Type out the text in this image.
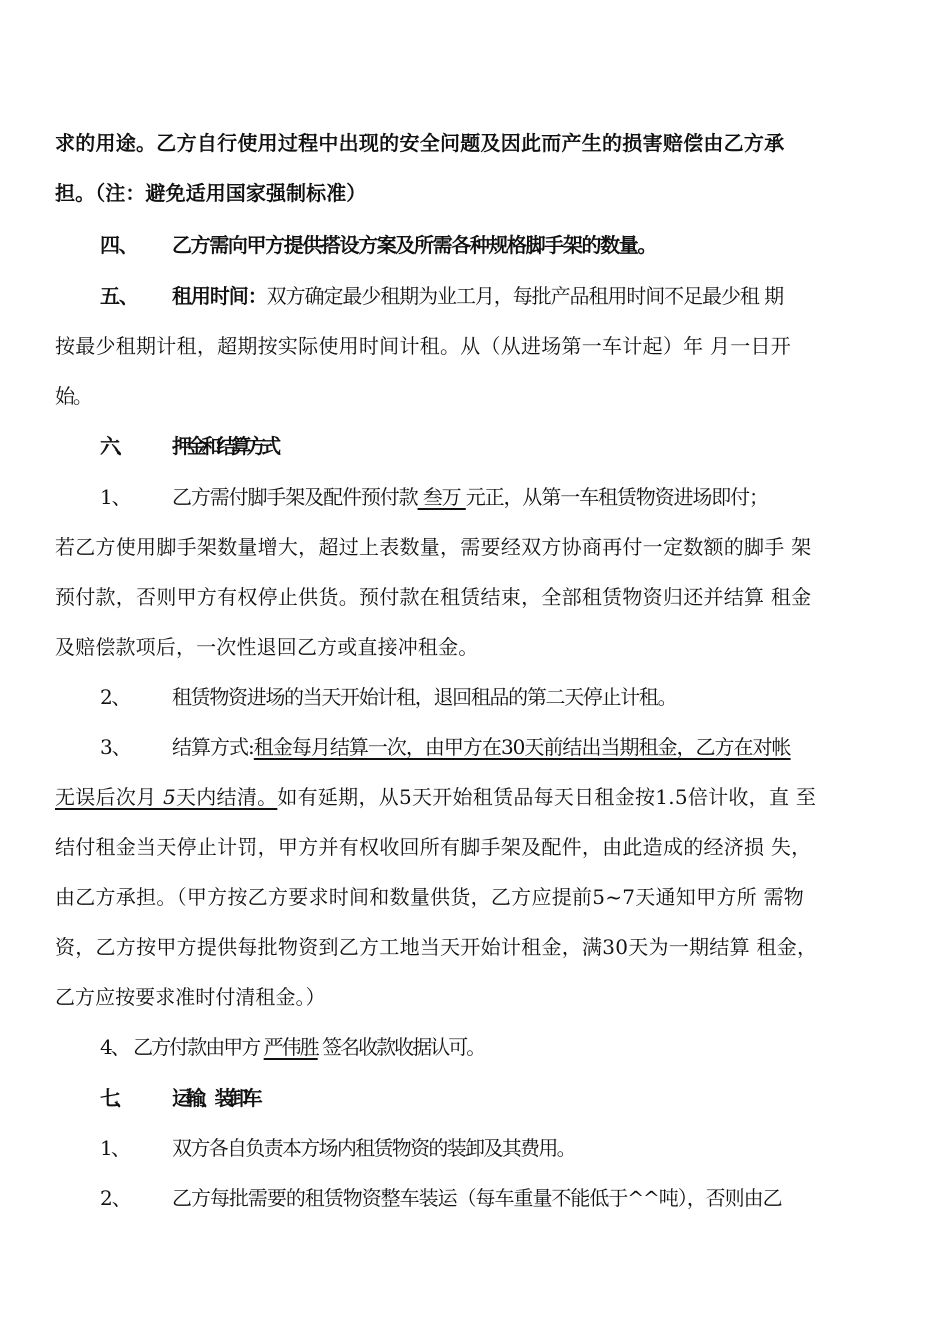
求的用途。乙方自行使用过程中出现的安全问题及因此而产生的损害赔偿由乙方承
担。（注：避免适用国家强制标准）
四、 乙方需向甲方提供搭设方案及所需各种规格脚手架的数量。
五、 租用时间：双方确定最少租期为业工月，每批产品租用时间不足最少租 期
按最少租期计租，超期按实际使用时间计租。从（从进场第一车计起）年 月一日开
始。
六、 押金和结算方式
1、 乙方需付脚手架及配件预付款 叁万 元正，从第一车租赁物资进场即付；
若乙方使用脚手架数量增大，超过上表数量，需要经双方协商再付一定数额的脚手 架
预付款，否则甲方有权停止供货。预付款在租赁结束，全部租赁物资归还并结算 租金
及赔偿款项后，一次性退回乙方或直接冲租金。
2、 租赁物资进场的当天开始计租，退回租品的第二天停止计租。
3、 结算方式:租金每月结算一次，由甲方在30天前结出当期租金，乙方在对帐
无误后次月 5天内结清。如有延期，从5天开始租赁品每天日租金按1.5倍计收，直 至
结付租金当天停止计罚，甲方并有权收回所有脚手架及配件，由此造成的经济损 失，
由乙方承担。（甲方按乙方要求时间和数量供货，乙方应提前5~7天通知甲方所 需物
资，乙方按甲方提供每批物资到乙方工地当天开始计租金，满30天为一期结算 租金，
乙方应按要求准时付清租金。）
4、 乙方付款由甲方 严伟胜 签名收款收据认可。
七、 运输、装卸车
1、 双方各自负责本方场内租赁物资的装卸及其费用。
2、 乙方每批需要的租赁物资整车装运（每车重量不能低于^^吨），否则由乙
